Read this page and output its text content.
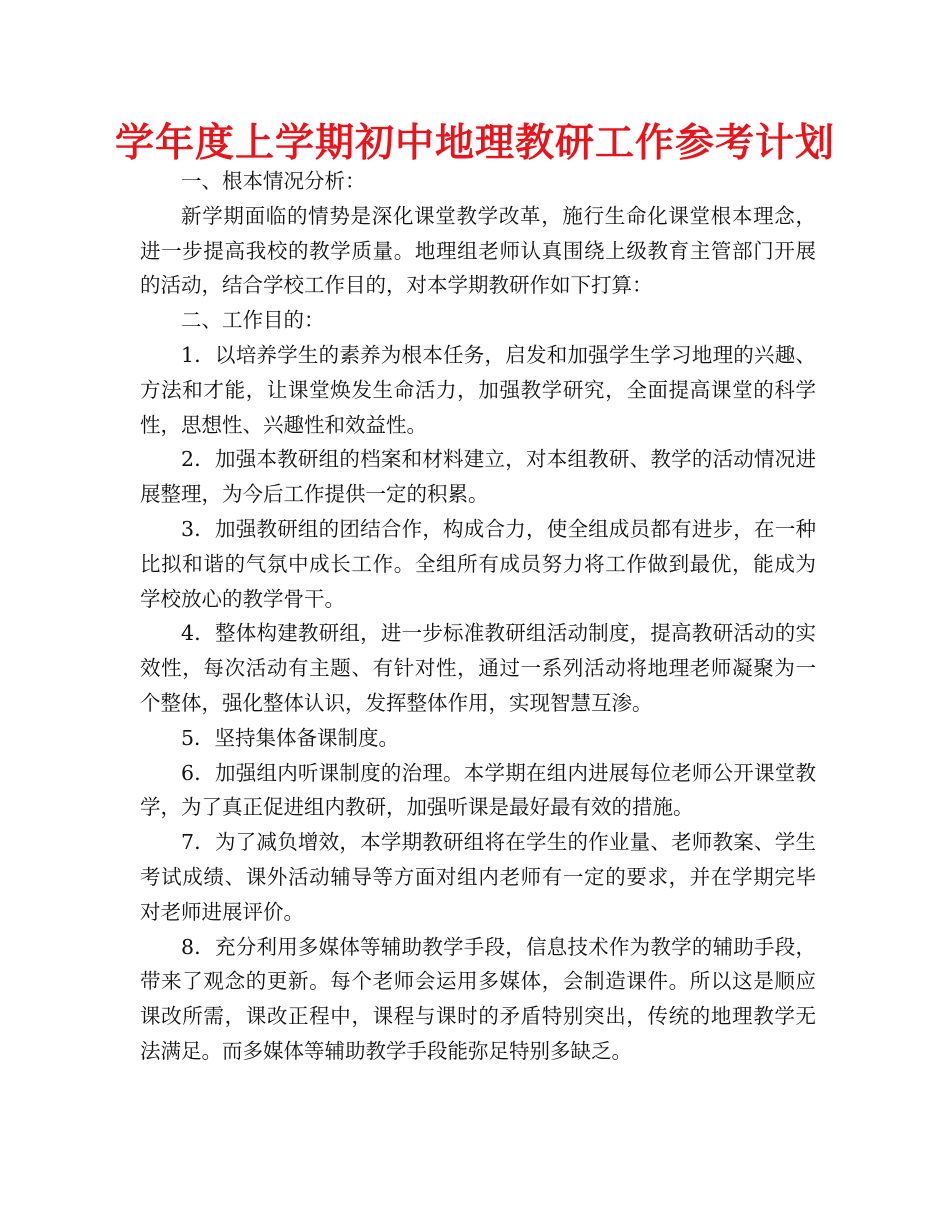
学年度上学期初中地理教研工作参考计划

一、根本情况分析：

新学期面临的情势是深化课堂教学改革，施行生命化课堂根本理念，进一步提高我校的教学质量。地理组老师认真围绕上级教育主管部门开展的活动，结合学校工作目的，对本学期教研作如下打算：

二、工作目的：

1．以培养学生的素养为根本任务，启发和加强学生学习地理的兴趣、方法和才能，让课堂焕发生命活力，加强教学研究，全面提高课堂的科学性，思想性、兴趣性和效益性。

2．加强本教研组的档案和材料建立，对本组教研、教学的活动情况进展整理，为今后工作提供一定的积累。

3．加强教研组的团结合作，构成合力，使全组成员都有进步，在一种比拟和谐的气氛中成长工作。全组所有成员努力将工作做到最优，能成为学校放心的教学骨干。

4．整体构建教研组，进一步标准教研组活动制度，提高教研活动的实效性，每次活动有主题、有针对性，通过一系列活动将地理老师凝聚为一个整体，强化整体认识，发挥整体作用，实现智慧互渗。

5．坚持集体备课制度。

6．加强组内听课制度的治理。本学期在组内进展每位老师公开课堂教学，为了真正促进组内教研，加强听课是最好最有效的措施。

7．为了减负增效，本学期教研组将在学生的作业量、老师教案、学生考试成绩、课外活动辅导等方面对组内老师有一定的要求，并在学期完毕对老师进展评价。

8．充分利用多媒体等辅助教学手段，信息技术作为教学的辅助手段，带来了观念的更新。每个老师会运用多媒体，会制造课件。所以这是顺应课改所需，课改正程中，课程与课时的矛盾特别突出，传统的地理教学无法满足。而多媒体等辅助教学手段能弥足特别多缺乏。
